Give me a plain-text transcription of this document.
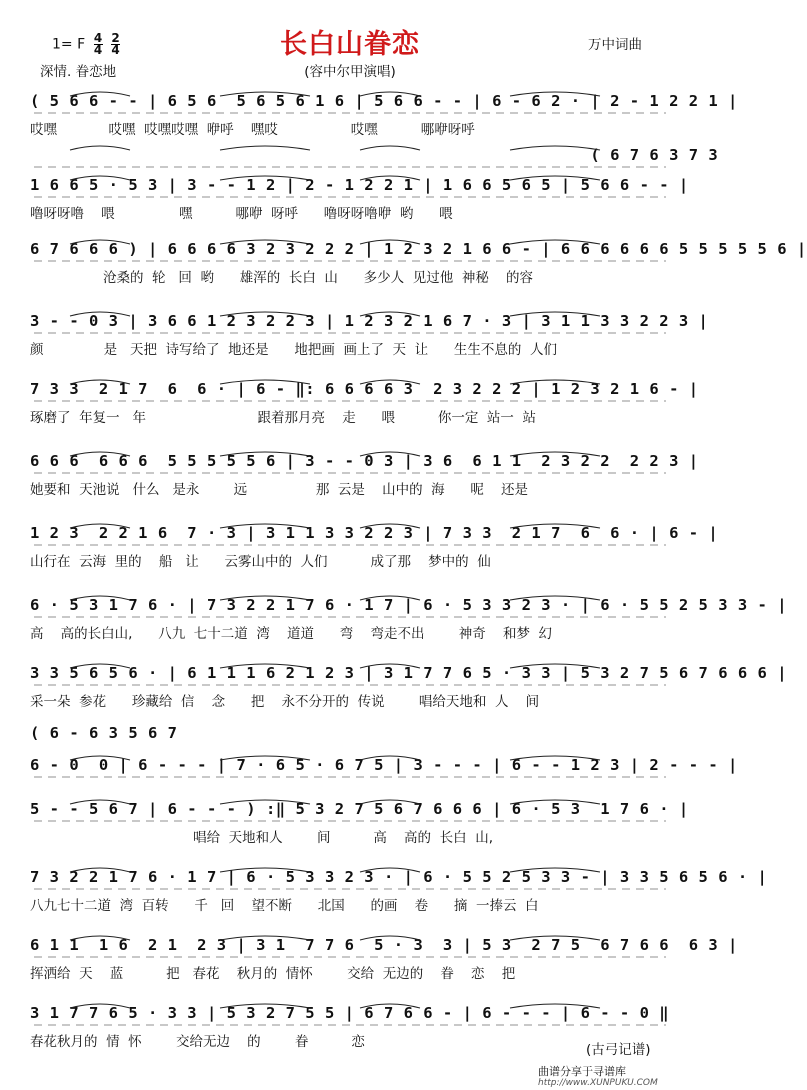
长白山眷恋
1= F $\frac{4}{4}$
$\frac{2}{4}$
深情. 眷恋地
万中词曲
(容中尔甲演唱)
( 5 6 6 - - | 6 5 6  5 6 5 6 1 6 | 5 6 6 - - | 6 - 6 2 · | 2 - 1 2 2 1 |
哎嘿            哎嘿  哎嘿哎嘿  咿呼    嘿哎                 哎嘿          哪咿呀呼
( 6 7 6 3 7 3
1 6 6 5 · 5 3 | 3 - - 1 2 | 2 - 1 2 2 1 | 1 6 6 5 6 5 | 5 6 6 - - |
噜呀呀噜    喂               嘿          哪咿  呀呼      噜呀呀噜咿  哟      喂
6 7 6 6 6 ) | 6 6 6 6 3 2 3 2 2 2 | 1 2 3 2 1 6 6 - | 6 6 6 6 6 6 5 5 5 5 5 6 |
沧桑的  轮   回  哟      雄浑的  长白  山      多少人  见过他  神秘    的容
3 - - 0 3 | 3 6 6 1 2 3 2 2 3 | 1 2 3 2 1 6 7 · 3 | 3 1 1 3 3 2 2 3 |
颜              是   天把  诗写给了  地还是      地把画  画上了  天  让      生生不息的  人们
7 3 3  2 1 7  6  6 · | 6 - ‖: 6 6 6 6 3  2 3 2 2 2 | 1 2 3 2 1 6 - |
琢磨了  年复一   年                          跟着那月亮    走      喂          你一定  站一  站
6 6 6  6 6 6  5 5 5 5 5 6 | 3 - - 0 3 | 3 6  6 1 1  2 3 2 2  2 2 3 |
她要和  天池说   什么   是永        远                那  云是    山中的  海      呢    还是
1 2 3  2 2 1 6  7 · 3 | 3 1 1 3 3 2 2 3 | 7 3 3  2 1 7  6  6 · | 6 - |
山行在  云海  里的    船   让      云雾山中的  人们          成了那    梦中的  仙
6 · 5 3 1 7 6 · | 7 3 2 2 1 7 6 · 1 7 | 6 · 5 3 3 2 3 · | 6 · 5 5 2 5 3 3 - |
高    高的长白山,      八九  七十二道  湾    道道      弯    弯走不出        神奇    和梦  幻
3 3 5 6 5 6 · | 6 1 1 1 6 2 1 2 3 | 3 1 7 7 6 5 · 3 3 | 5 3 2 7 5 6 7 6 6 6 |
采一朵  参花      珍藏给  信    念      把    永不分开的  传说        唱给天地和  人    间
( 6 - 6 3 5 6 7
6 - 0  0 | 6 - - - | 7 · 6 5 · 6 7 5 | 3 - - - | 6 - - 1 2 3 | 2 - - - |
5 - - 5 6 7 | 6 - - - ) :‖ 5 3 2 7 5 6 7 6 6 6 | 6 · 5 3  1 7 6 · |
唱给  天地和人        间          高    高的  长白  山,
7 3 2 2 1 7 6 · 1 7 | 6 · 5 3 3 2 3 · | 6 · 5 5 2 5 3 3 - | 3 3 5 6 5 6 · |
八九七十二道  湾  百转      千   回    望不断      北国      的画    卷      摘  一捧云  白
6 1 1  1 6  2 1  2 3 | 3 1  7 7 6  5 · 3  3 | 5 3  2 7 5  6 7 6 6  6 3 |
挥洒给  天    蓝          把   春花    秋月的  情怀        交给  无边的    眷    恋    把
3 1 7 7 6 5 · 3 3 | 5 3 2 7 5 5 | 6 7 6 6 - | 6 - - - | 6 - - 0 ‖
春花秋月的  情  怀        交给无边    的        眷          恋	(古弓记谱)
曲谱分享于寻谱库
http://www.XUNPUKU.COM
